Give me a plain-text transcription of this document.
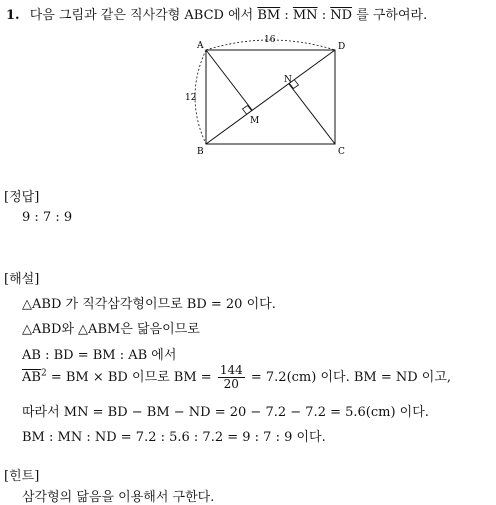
1. 다음 그림과 같은 직사각형 ABCD 에서 $\overline{BM}$ : $\overline{MN}$ : $\overline{ND}$ 를 구하여라.
A	D
B	C
M
N
16
12
[정답]
9 : 7 : 9
[해설]
△ABD 가 직각삼각형이므로 BD = 20 이다.
△ABD와 △ABM은 닮음이므로
AB : BD = BM : AB 에서
$\overline{AB}^2$ = BM × BD 이므로 BM = $\frac{144}{20} = 7.2(cm)$ 이다. BM = ND 이고,
따라서 MN = BD − BM − ND = 20 − 7.2 − 7.2 = 5.6(cm) 이다.
BM : MN : ND = 7.2 : 5.6 : 7.2 = 9 : 7 : 9 이다.
[힌트]
삼각형의 닮음을 이용해서 구한다.
